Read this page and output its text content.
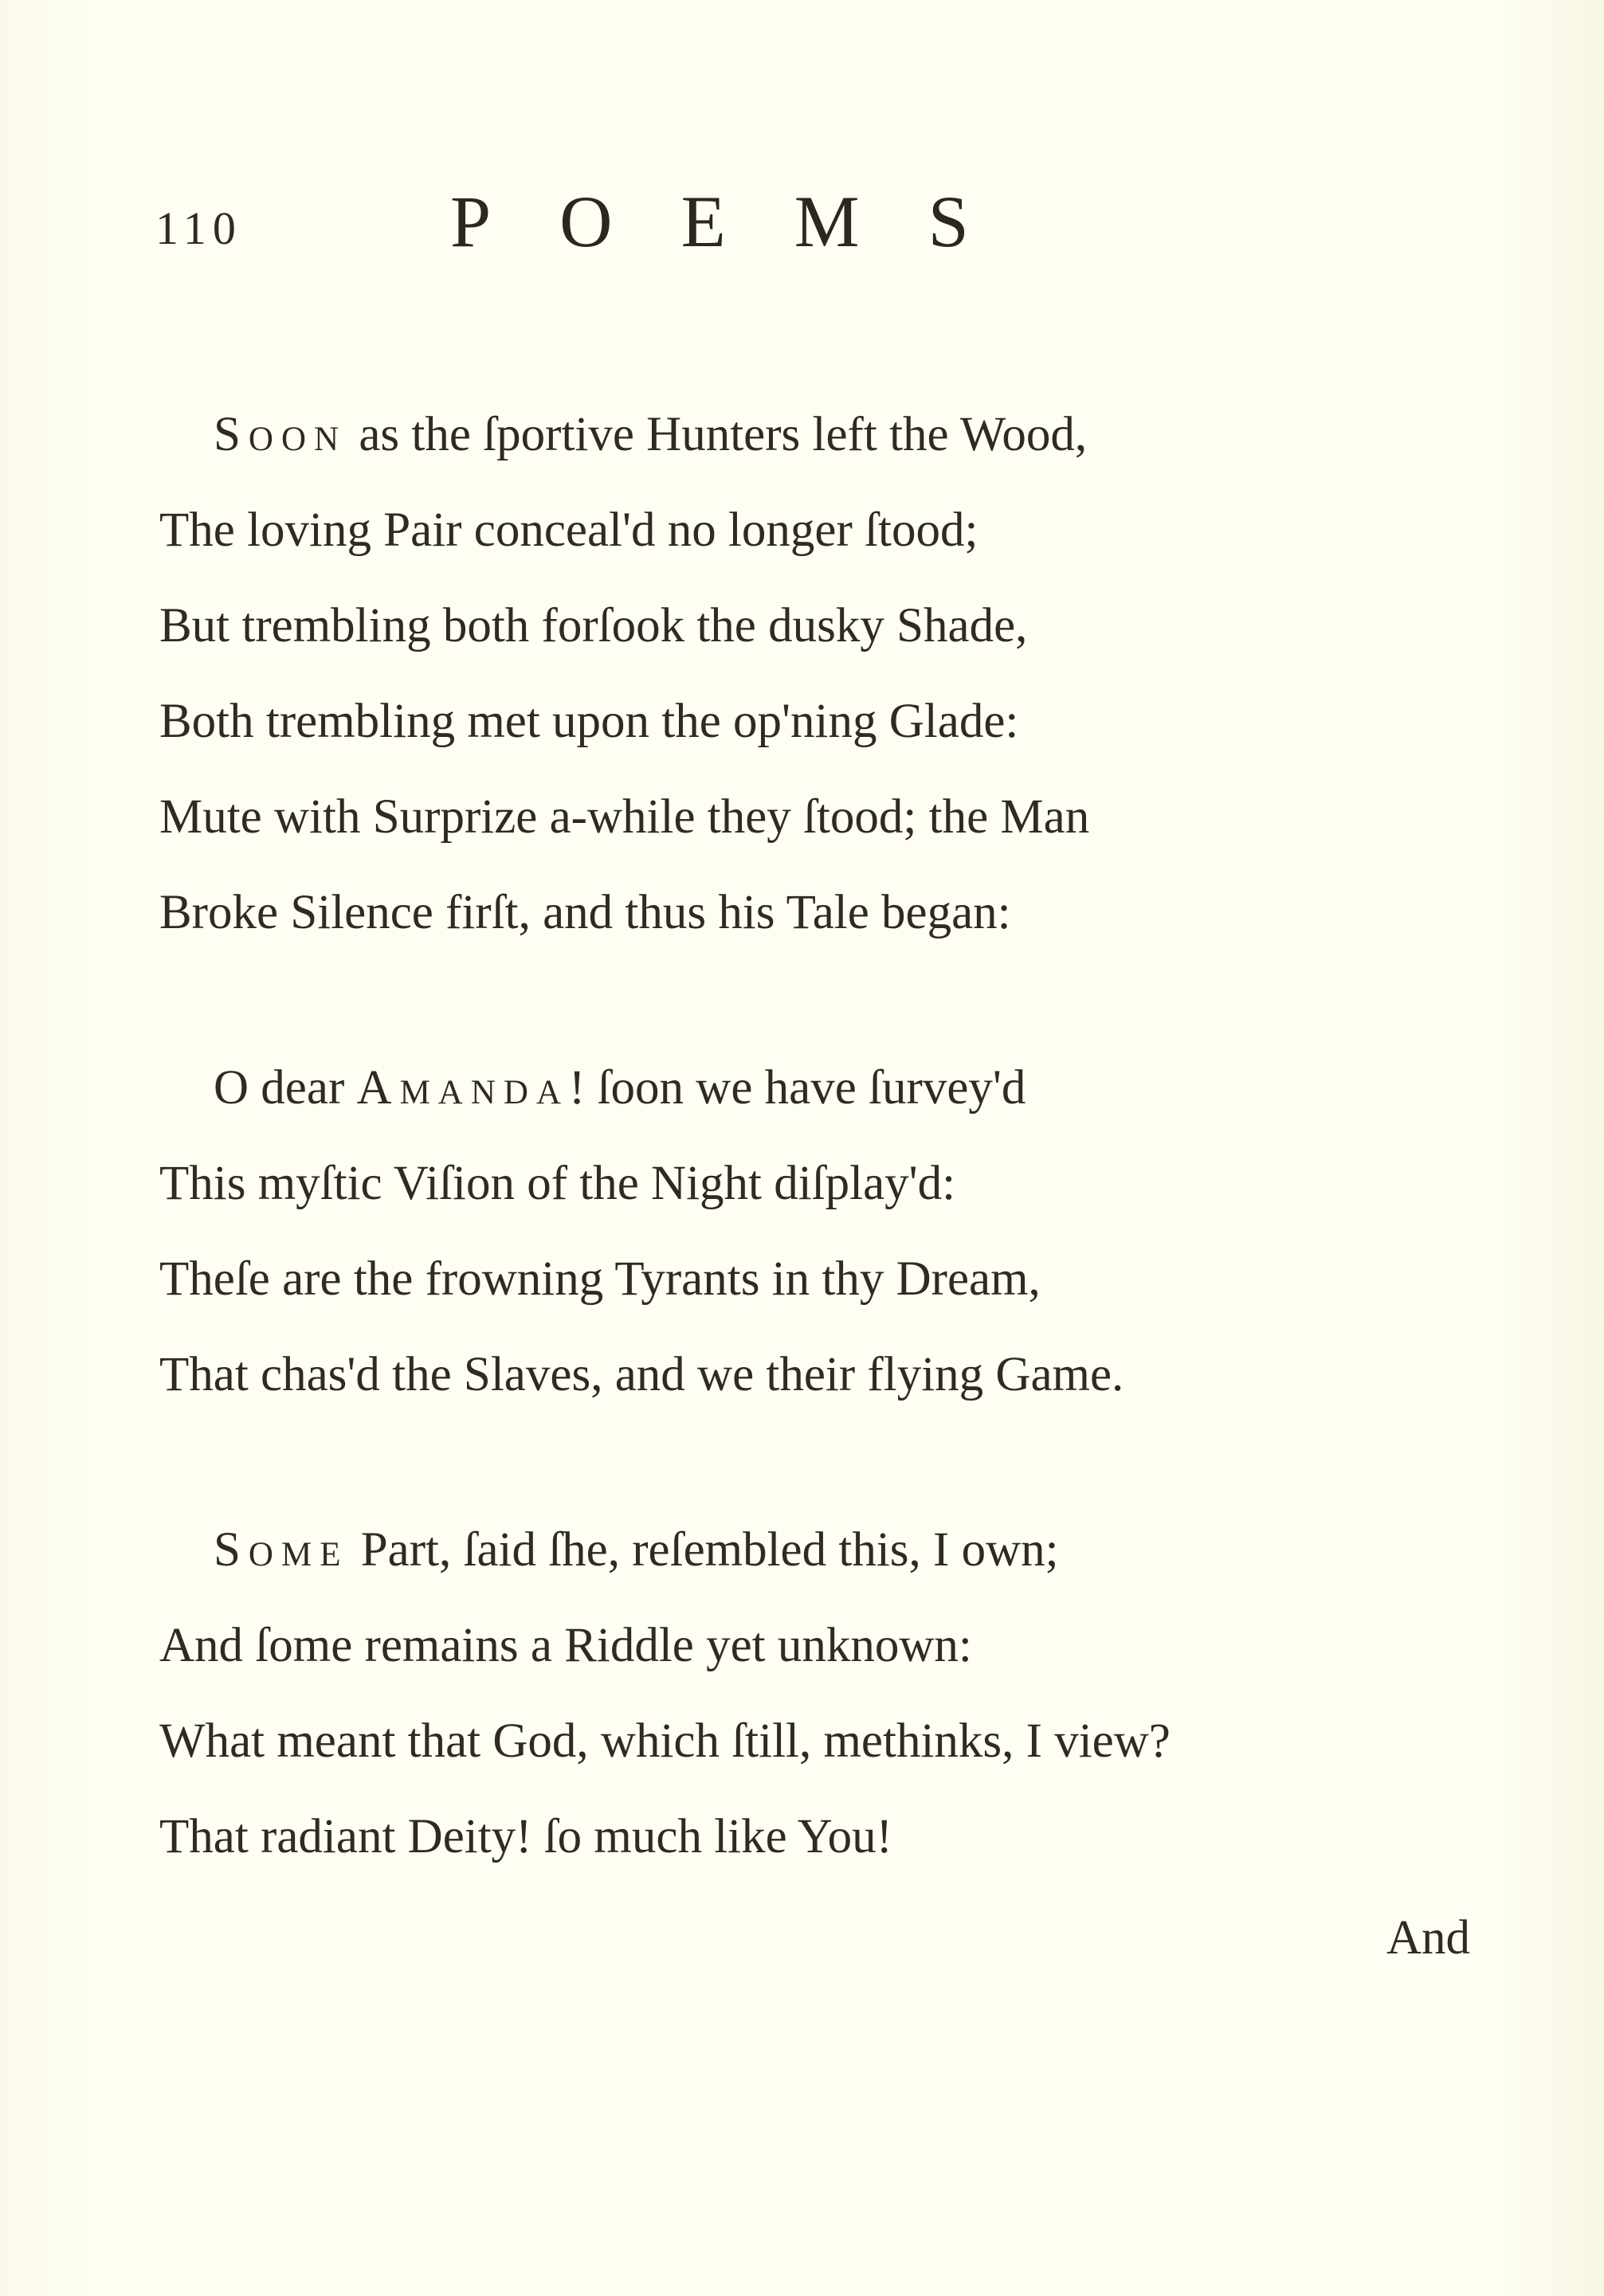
110	POEMS
Soon as the ſportive Hunters left the Wood,
The loving Pair conceal'd no longer ſtood;
But trembling both forſook the dusky Shade,
Both trembling met upon the op'ning Glade:
Mute with Surprize a-while they ſtood; the Man
Broke Silence firſt, and thus his Tale began:
O dear Amanda! ſoon we have ſurvey'd
This myſtic Viſion of the Night diſplay'd:
Theſe are the frowning Tyrants in thy Dream,
That chas'd the Slaves, and we their flying Game.
Some Part, ſaid ſhe, reſembled this, I own;
And ſome remains a Riddle yet unknown:
What meant that God, which ſtill, methinks, I view?
That radiant Deity! ſo much like You!
And
